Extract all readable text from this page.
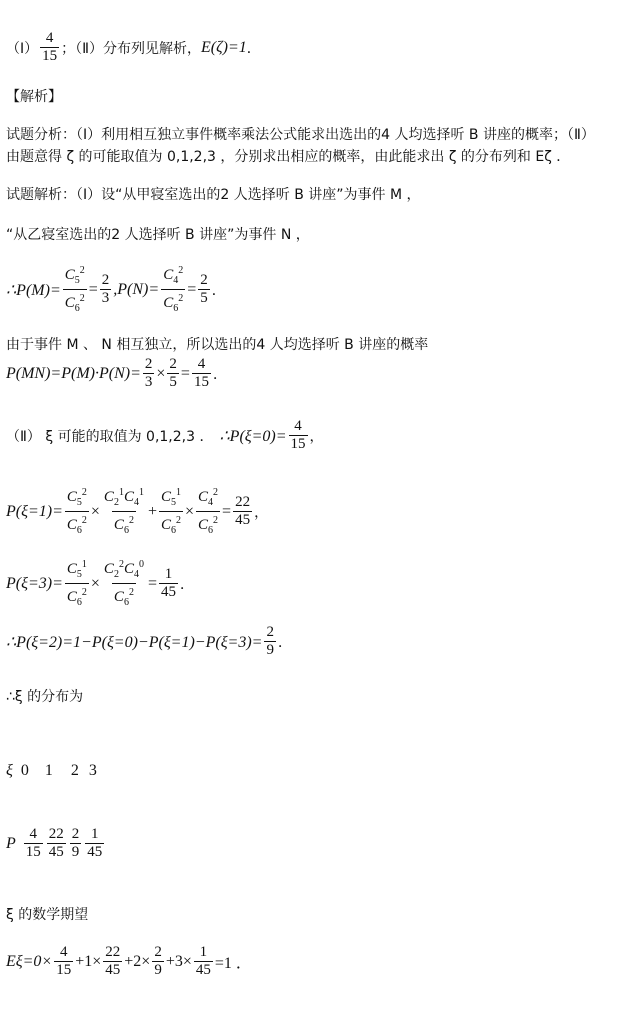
（Ⅰ） $\frac{4}{15}$ ；（Ⅱ）分布列见解析， E(ζ)=1 ．
【解析】
试题分析：（Ⅰ）利用相互独立事件概率乘法公式能求出选出的4 人均选择听 B 讲座的概率；（Ⅱ）
由题意得 ζ 的可能取值为 0,1,2,3 ，分别求出相应的概率，由此能求出 ζ 的分布列和 Eζ ．
试题解析：（Ⅰ）设“从甲寝室选出的2 人选择听 B 讲座”为事件 M ，
“从乙寝室选出的2 人选择听 B 讲座”为事件 N ，
∴P(M)= $\frac{C_5^2}{C_6^2} = \frac{2}{3} ,P(N)= \frac{C_4^2}{C_6^2} = \frac{2}{5}$ ．
由于事件 M 、 N 相互独立，所以选出的4 人均选择听 B 讲座的概率
$P(MN)=P(M)\cdot P(N)= \frac{2}{3} \times \frac{2}{5} = \frac{4}{15}$ ．
（Ⅱ） ξ 可能的取值为 0,1,2,3 ． ∴P(ξ=0)= $\frac{4}{15}$ ，
$P(\xi=1)= \frac{C_5^2}{C_6^2} \times \frac{C_2^1C_4^1}{C_6^2} + \frac{C_5^1}{C_6^2} \times \frac{C_4^2}{C_6^2} = \frac{22}{45}$ ，
$P(\xi=3)= \frac{C_5^1}{C_6^2} \times \frac{C_2^2C_4^0}{C_6^2} = \frac{1}{45}$ ．
∴P(ξ=2)=1−P(ξ=0)−P(ξ=1)−P(ξ=3)= $\frac{2}{9}$ ．
∴ξ 的分布为
ξ 0 1 2 3
P $\frac{4}{15} \frac{22}{45} \frac{2}{9} \frac{1}{45}$
ξ 的数学期望
$E\xi=0\times \frac{4}{15} +1\times \frac{22}{45} +2\times \frac{2}{9} +3\times \frac{1}{45} =1$ ．
